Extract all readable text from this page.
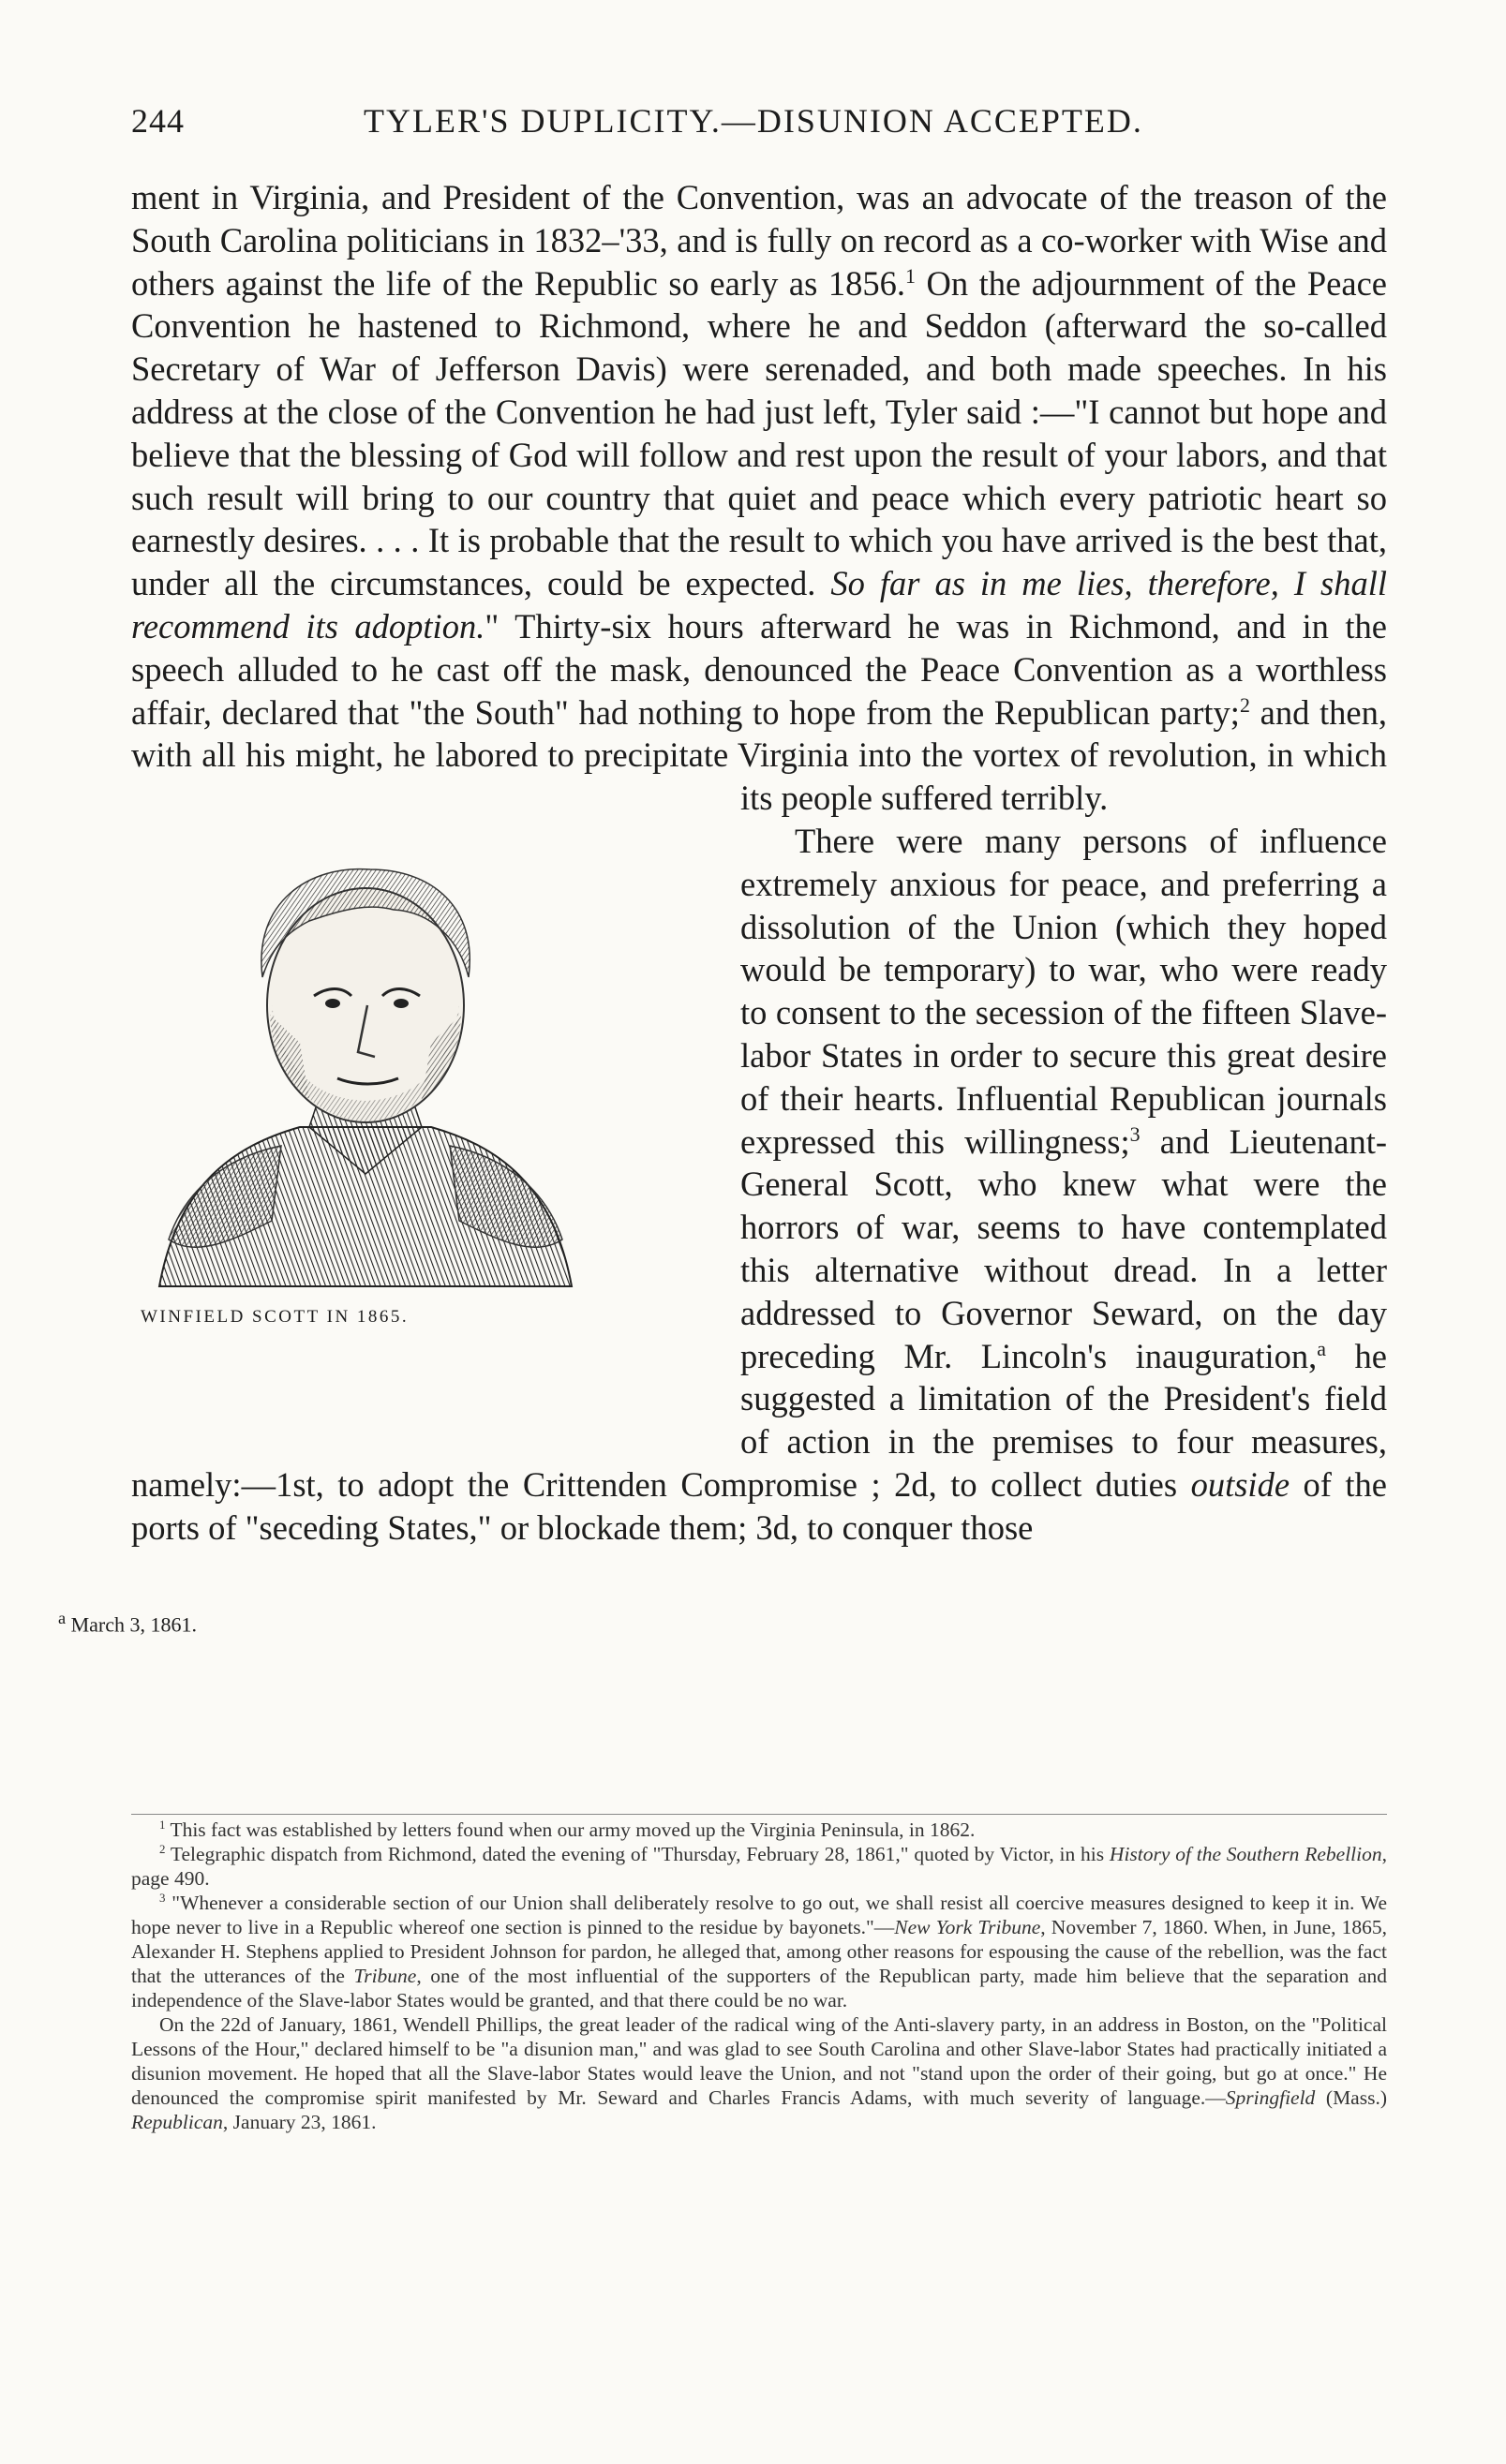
244	TYLER'S DUPLICITY.—DISUNION ACCEPTED.

ment in Virginia, and President of the Convention, was an advocate of the treason of the South Carolina politicians in 1832–'33, and is fully on record as a co-worker with Wise and others against the life of the Republic so early as 1856.$^1$ On the adjournment of the Peace Convention he hastened to Richmond, where he and Seddon (afterward the so-called Secretary of War of Jefferson Davis) were serenaded, and both made speeches. In his address at the close of the Convention he had just left, Tyler said :—"I cannot but hope and believe that the blessing of God will follow and rest upon the result of your labors, and that such result will bring to our country that quiet and peace which every patriotic heart so earnestly desires. . . . It is probable that the result to which you have arrived is the best that, under all the circumstances, could be expected. So far as in me lies, therefore, I shall recommend its adoption." Thirty-six hours afterward he was in Richmond, and in the speech alluded to he cast off the mask, denounced the Peace Convention as a worthless affair, declared that "the South" had nothing to hope from the Republican party;$^2$ and then, with all his might, he
WINFIELD SCOTT IN 1865.
labored to precipitate Virginia into the vortex of revolution, in which its people suffered terribly.

There were many persons of influence extremely anxious for peace, and preferring a dissolution of the Union (which they hoped would be temporary) to war, who were ready to consent to the secession of the fifteen Slave-labor States in order to secure this great desire of their hearts. Influential Republican journals expressed this willingness;$^3$ and Lieutenant-General Scott, who knew what were the horrors of war, seems to have contemplated this alternative without dread. In a letter addressed to Governor Seward, on the day preceding Mr. Lincoln's inauguration,$^a$ he suggested a limitation of the President's field of action in the premises to four measures, namely:—1st, to adopt the Crittenden Compromise ; 2d, to collect duties outside of the ports of "seceding States," or blockade them; 3d, to conquer those

$^a$ March 3, 1861.

$^1$ This fact was established by letters found when our army moved up the Virginia Peninsula, in 1862.

$^2$ Telegraphic dispatch from Richmond, dated the evening of "Thursday, February 28, 1861," quoted by Victor, in his History of the Southern Rebellion, page 490.

$^3$ "Whenever a considerable section of our Union shall deliberately resolve to go out, we shall resist all coercive measures designed to keep it in. We hope never to live in a Republic whereof one section is pinned to the residue by bayonets."—New York Tribune, November 7, 1860. When, in June, 1865, Alexander H. Stephens applied to President Johnson for pardon, he alleged that, among other reasons for espousing the cause of the rebellion, was the fact that the utterances of the Tribune, one of the most influential of the supporters of the Republican party, made him believe that the separation and independence of the Slave-labor States would be granted, and that there could be no war.

On the 22d of January, 1861, Wendell Phillips, the great leader of the radical wing of the Anti-slavery party, in an address in Boston, on the "Political Lessons of the Hour," declared himself to be "a disunion man," and was glad to see South Carolina and other Slave-labor States had practically initiated a disunion movement. He hoped that all the Slave-labor States would leave the Union, and not "stand upon the order of their going, but go at once." He denounced the compromise spirit manifested by Mr. Seward and Charles Francis Adams, with much severity of language.—Springfield (Mass.) Republican, January 23, 1861.
